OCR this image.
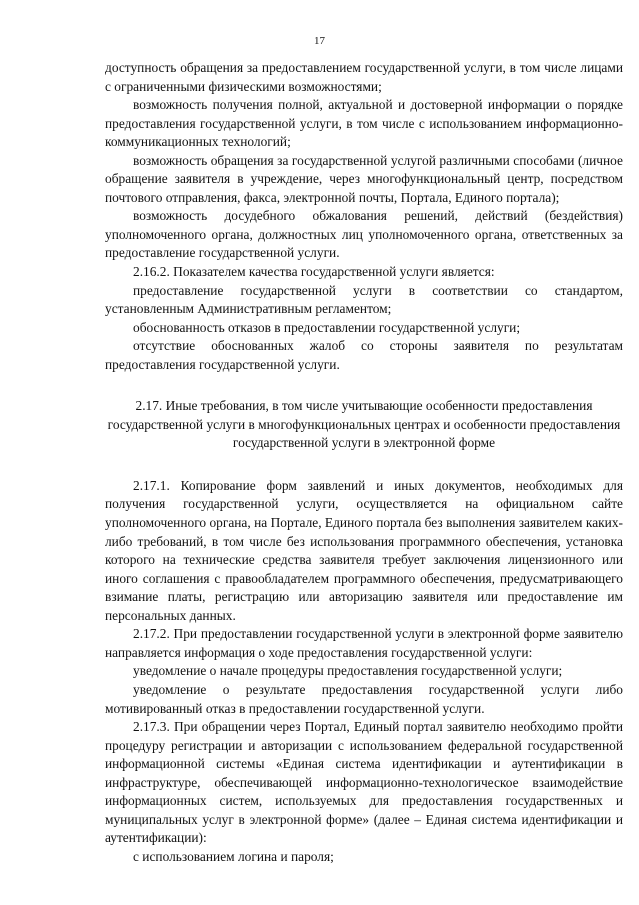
17

доступность обращения за предоставлением государственной услуги, в том числе лицами с ограниченными физическими возможностями;

возможность получения полной, актуальной и достоверной информации о порядке предоставления государственной услуги, в том числе с использованием информационно-коммуникационных технологий;

возможность обращения за государственной услугой различными способами (личное обращение заявителя в учреждение, через многофункциональный центр, посредством почтового отправления, факса, электронной почты, Портала, Единого портала);

возможность досудебного обжалования решений, действий (бездействия) уполномоченного органа, должностных лиц уполномоченного органа, ответственных за предоставление государственной услуги.

2.16.2. Показателем качества государственной услуги является:

предоставление государственной услуги в соответствии со стандартом, установленным Административным регламентом;

обоснованность отказов в предоставлении государственной услуги;

отсутствие обоснованных жалоб со стороны заявителя по результатам предоставления государственной услуги.

2.17. Иные требования, в том числе учитывающие особенности предоставления государственной услуги в многофункциональных центрах и особенности предоставления государственной услуги в электронной форме

2.17.1. Копирование форм заявлений и иных документов, необходимых для получения государственной услуги, осуществляется на официальном сайте уполномоченного органа, на Портале, Единого портала без выполнения заявителем каких-либо требований, в том числе без использования программного обеспечения, установка которого на технические средства заявителя требует заключения лицензионного или иного соглашения с правообладателем программного обеспечения, предусматривающего взимание платы, регистрацию или авторизацию заявителя или предоставление им персональных данных.

2.17.2. При предоставлении государственной услуги в электронной форме заявителю направляется информация о ходе предоставления государственной услуги:

уведомление о начале процедуры предоставления государственной услуги;

уведомление о результате предоставления государственной услуги либо мотивированный отказ в предоставлении государственной услуги.

2.17.3. При обращении через Портал, Единый портал заявителю необходимо пройти процедуру регистрации и авторизации с использованием федеральной государственной информационной системы «Единая система идентификации и аутентификации в инфраструктуре, обеспечивающей информационно-технологическое взаимодействие информационных систем, используемых для предоставления государственных и муниципальных услуг в электронной форме» (далее – Единая система идентификации и аутентификации):

с использованием логина и пароля;
